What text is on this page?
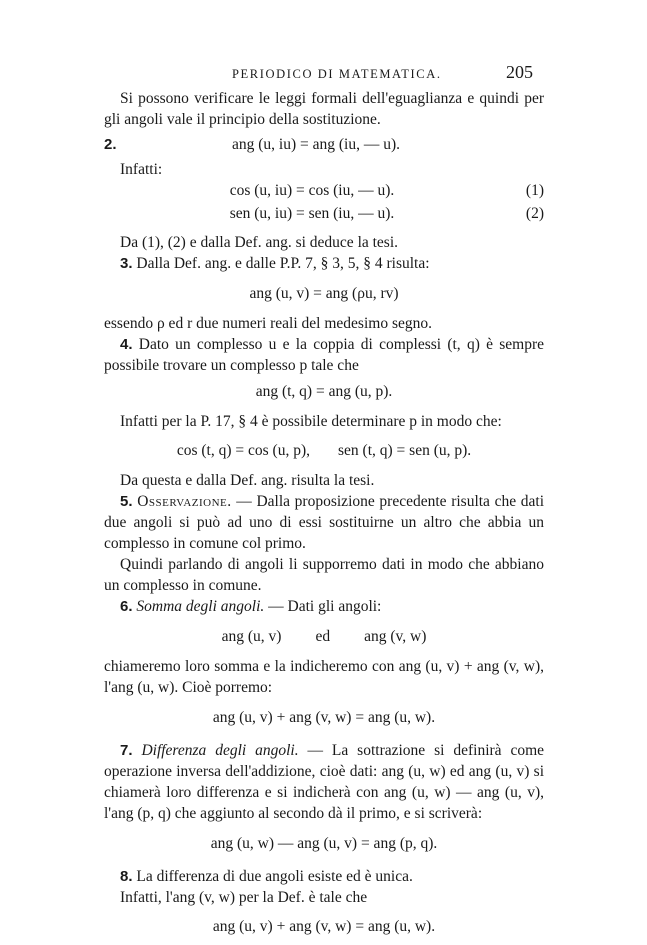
PERIODICO DI MATEMATICA.	205

Si possono verificare le leggi formali dell'eguaglianza e quindi per gli angoli vale il principio della sostituzione.

2.	ang (u, iu) = ang (iu, — u).

Infatti:

cos (u, iu) = cos (iu, — u).	(1)
sen (u, iu) = sen (iu, — u).	(2)

Da (1), (2) e dalla Def. ang. si deduce la tesi.

3. Dalla Def. ang. e dalle P.P. 7, § 3, 5, § 4 risulta:

ang (u, v) = ang (ρu, rv)

essendo ρ ed r due numeri reali del medesimo segno.

4. Dato un complesso u e la coppia di complessi (t, q) è sempre possibile trovare un complesso p tale che

ang (t, q) = ang (u, p).

Infatti per la P. 17, § 4 è possibile determinare p in modo che:

cos (t, q) = cos (u, p), sen (t, q) = sen (u, p).

Da questa e dalla Def. ang. risulta la tesi.

5. Osservazione. — Dalla proposizione precedente risulta che dati due angoli si può ad uno di essi sostituirne un altro che abbia un complesso in comune col primo.

Quindi parlando di angoli li supporremo dati in modo che abbiano un complesso in comune.

6. Somma degli angoli. — Dati gli angoli:

ang (u, v) ed ang (v, w)

chiameremo loro somma e la indicheremo con ang (u, v) + ang (v, w), l'ang (u, w). Cioè porremo:

ang (u, v) + ang (v, w) = ang (u, w).

7. Differenza degli angoli. — La sottrazione si definirà come operazione inversa dell'addizione, cioè dati: ang (u, w) ed ang (u, v) si chiamerà loro differenza e si indicherà con ang (u, w) — ang (u, v), l'ang (p, q) che aggiunto al secondo dà il primo, e si scriverà:

ang (u, w) — ang (u, v) = ang (p, q).

8. La differenza di due angoli esiste ed è unica.

Infatti, l'ang (v, w) per la Def. è tale che

ang (u, v) + ang (v, w) = ang (u, w).
